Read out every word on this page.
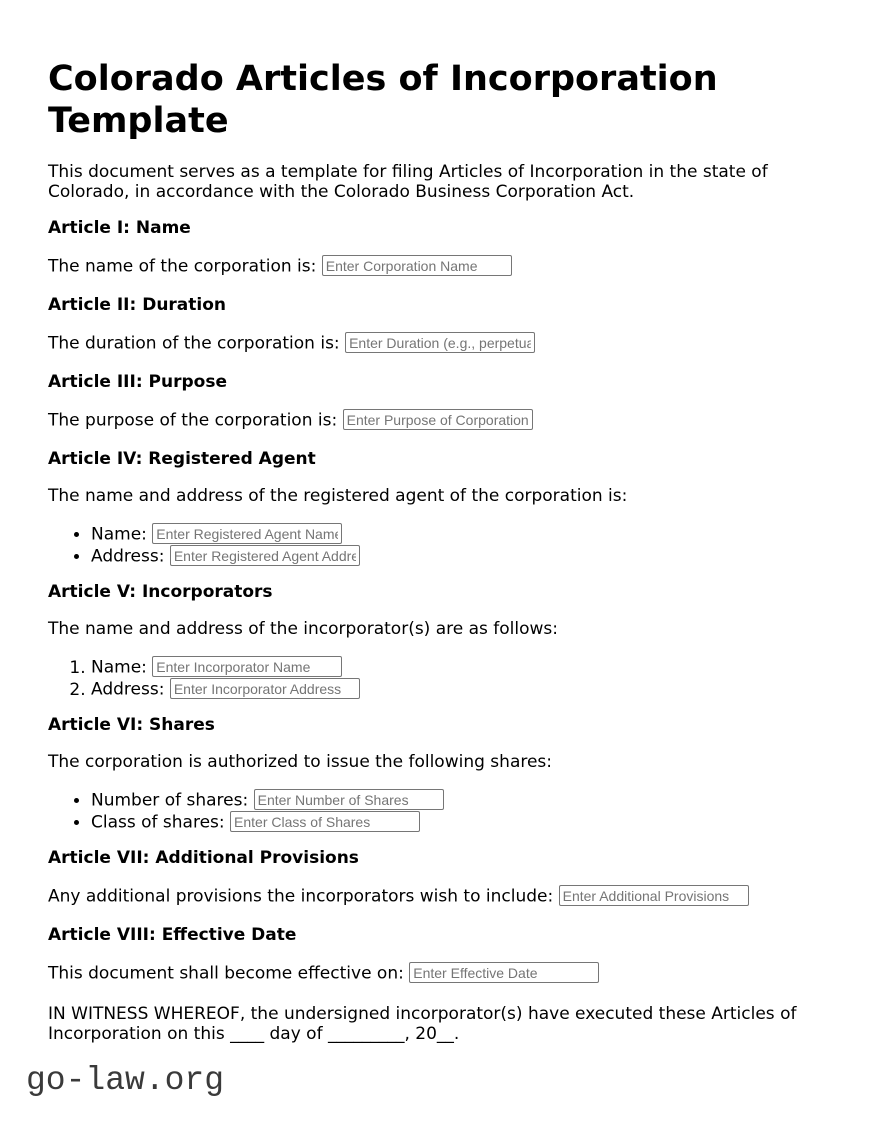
Colorado Articles of Incorporation Template

This document serves as a template for filing Articles of Incorporation in the state of Colorado, in accordance with the Colorado Business Corporation Act.

Article I: Name
The name of the corporation is: Enter Corporation Name
Article II: Duration
The duration of the corporation is: Enter Duration (e.g., perpetual)
Article III: Purpose
The purpose of the corporation is: Enter Purpose of Corporation
Article IV: Registered Agent

The name and address of the registered agent of the corporation is:

• Name: Enter Registered Agent Name
• Address: Enter Registered Agent Address
Article V: Incorporators

The name and address of the incorporator(s) are as follows:

1. Name: Enter Incorporator Name
2. Address: Enter Incorporator Address
Article VI: Shares

The corporation is authorized to issue the following shares:

• Number of shares: Enter Number of Shares
• Class of shares: Enter Class of Shares
Article VII: Additional Provisions
Any additional provisions the incorporators wish to include: Enter Additional Provisions
Article VIII: Effective Date
This document shall become effective on: Enter Effective Date

IN WITNESS WHEREOF, the undersigned incorporator(s) have executed these Articles of Incorporation on this ____ day of _________, 20__.

go-law.org
